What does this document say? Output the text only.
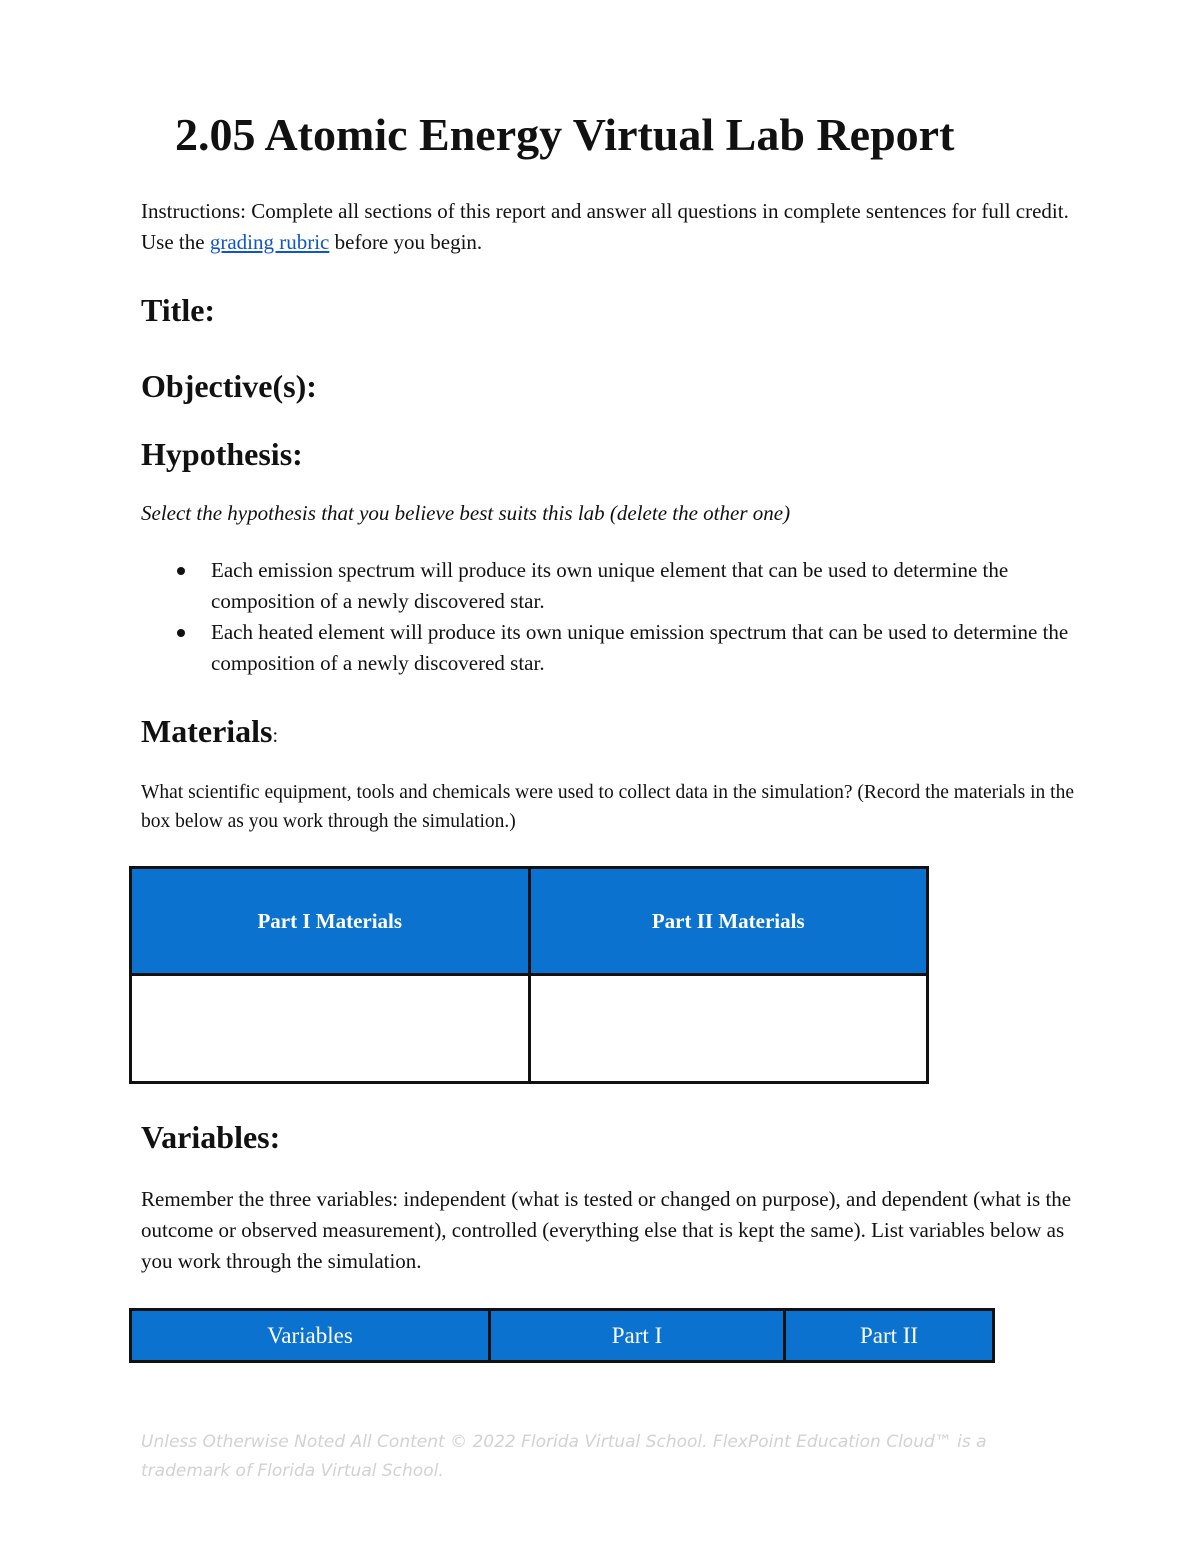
2.05 Atomic Energy Virtual Lab Report

Instructions: Complete all sections of this report and answer all questions in complete sentences for full credit. Use the grading rubric before you begin.

Title:
Objective(s):
Hypothesis:

Select the hypothesis that you believe best suits this lab (delete the other one)

Each emission spectrum will produce its own unique element that can be used to determine the composition of a newly discovered star.
Each heated element will produce its own unique emission spectrum that can be used to determine the composition of a newly discovered star.
Materials:

What scientific equipment, tools and chemicals were used to collect data in the simulation? (Record the materials in the box below as you work through the simulation.)

Part I Materials	Part II Materials

Variables:

Remember the three variables: independent (what is tested or changed on purpose), and dependent (what is the outcome or observed measurement), controlled (everything else that is kept the same). List variables below as you work through the simulation.

Variables	Part I	Part II

Unless Otherwise Noted All Content © 2022 Florida Virtual School. FlexPoint Education Cloud™ is a trademark of Florida Virtual School.
